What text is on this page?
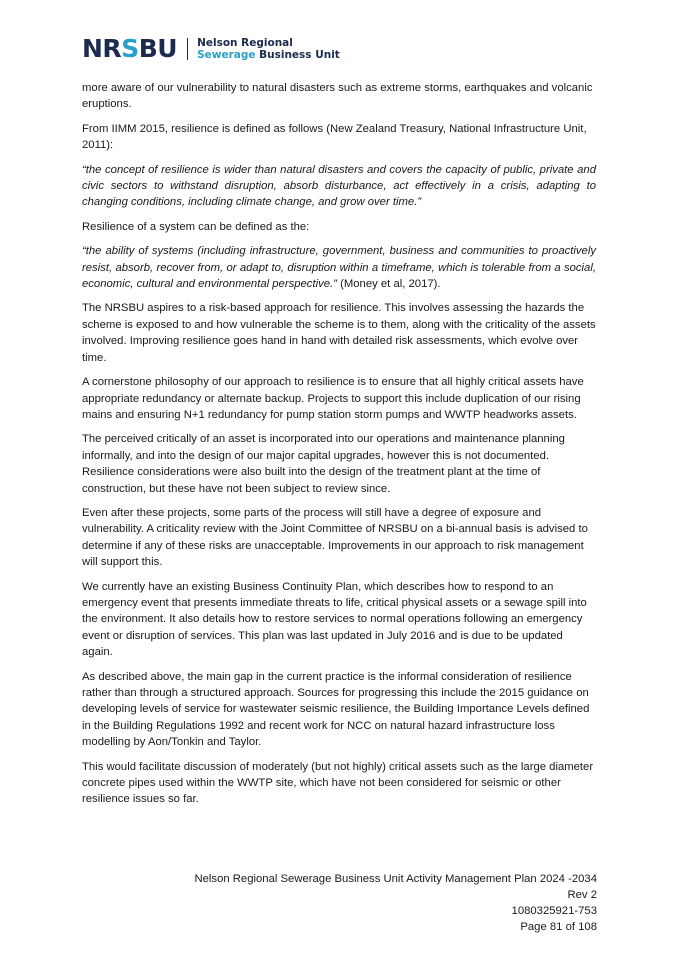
NRSBU Nelson Regional
Sewerage Business Unit

more aware of our vulnerability to natural disasters such as extreme storms, earthquakes and volcanic eruptions.

From IIMM 2015, resilience is defined as follows (New Zealand Treasury, National Infrastructure Unit, 2011):

“the concept of resilience is wider than natural disasters and covers the capacity of public, private and civic sectors to withstand disruption, absorb disturbance, act effectively in a crisis, adapting to changing conditions, including climate change, and grow over time.”

Resilience of a system can be defined as the:

“the ability of systems (including infrastructure, government, business and communities to proactively resist, absorb, recover from, or adapt to, disruption within a timeframe, which is tolerable from a social, economic, cultural and environmental perspective.” (Money et al, 2017).

The NRSBU aspires to a risk-based approach for resilience. This involves assessing the hazards the scheme is exposed to and how vulnerable the scheme is to them, along with the criticality of the assets involved. Improving resilience goes hand in hand with detailed risk assessments, which evolve over time.

A cornerstone philosophy of our approach to resilience is to ensure that all highly critical assets have appropriate redundancy or alternate backup. Projects to support this include duplication of our rising mains and ensuring N+1 redundancy for pump station storm pumps and WWTP headworks assets.

The perceived critically of an asset is incorporated into our operations and maintenance planning informally, and into the design of our major capital upgrades, however this is not documented. Resilience considerations were also built into the design of the treatment plant at the time of construction, but these have not been subject to review since.

Even after these projects, some parts of the process will still have a degree of exposure and vulnerability. A criticality review with the Joint Committee of NRSBU on a bi-annual basis is advised to determine if any of these risks are unacceptable. Improvements in our approach to risk management will support this.

We currently have an existing Business Continuity Plan, which describes how to respond to an emergency event that presents immediate threats to life, critical physical assets or a sewage spill into the environment. It also details how to restore services to normal operations following an emergency event or disruption of services. This plan was last updated in July 2016 and is due to be updated again.

As described above, the main gap in the current practice is the informal consideration of resilience rather than through a structured approach. Sources for progressing this include the 2015 guidance on developing levels of service for wastewater seismic resilience, the Building Importance Levels defined in the Building Regulations 1992 and recent work for NCC on natural hazard infrastructure loss modelling by Aon/Tonkin and Taylor.

This would facilitate discussion of moderately (but not highly) critical assets such as the large diameter concrete pipes used within the WWTP site, which have not been considered for seismic or other resilience issues so far.

Nelson Regional Sewerage Business Unit Activity Management Plan 2024 -2034
Rev 2
1080325921-753
Page 81 of 108
